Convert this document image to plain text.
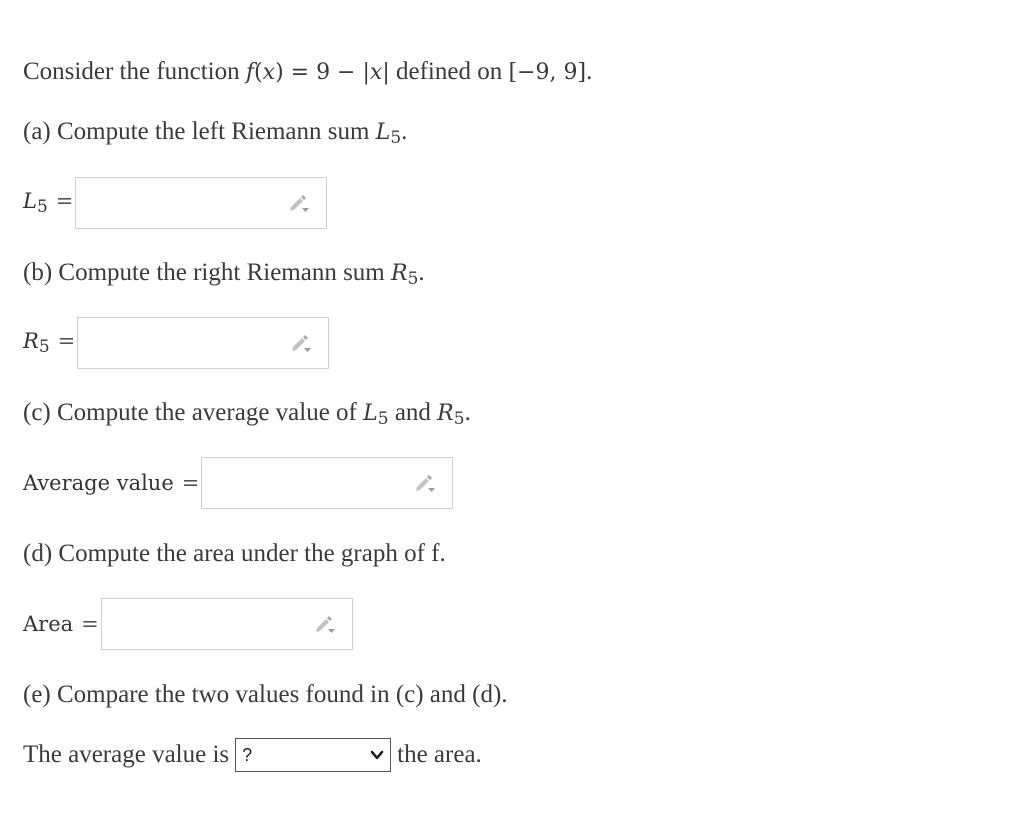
Consider the function f(x) = 9 − |x| defined on [−9, 9].
(a) Compute the left Riemann sum $L_5$.
$L_5$ =
(b) Compute the right Riemann sum $R_5$.
$R_5$ =
(c) Compute the average value of $L_5$ and $R_5$.
Average value =
(d) Compute the area under the graph of f.
Area =
(e) Compare the two values found in (c) and (d).
The average value is ?	the area.
